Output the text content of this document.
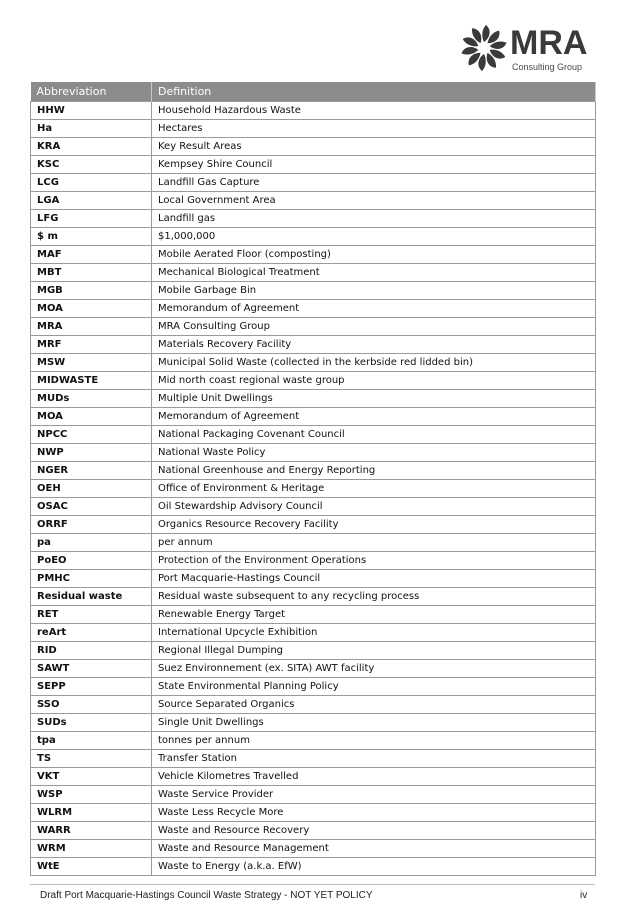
MRA
Consulting Group
Abbreviation	Definition
HHW	Household Hazardous Waste
Ha	Hectares
KRA	Key Result Areas
KSC	Kempsey Shire Council
LCG	Landfill Gas Capture
LGA	Local Government Area
LFG	Landfill gas
$ m	$1,000,000
MAF	Mobile Aerated Floor (composting)
MBT	Mechanical Biological Treatment
MGB	Mobile Garbage Bin
MOA	Memorandum of Agreement
MRA	MRA Consulting Group
MRF	Materials Recovery Facility
MSW	Municipal Solid Waste (collected in the kerbside red lidded bin)
MIDWASTE	Mid north coast regional waste group
MUDs	Multiple Unit Dwellings
MOA	Memorandum of Agreement
NPCC	National Packaging Covenant Council
NWP	National Waste Policy
NGER	National Greenhouse and Energy Reporting
OEH	Office of Environment & Heritage
OSAC	Oil Stewardship Advisory Council
ORRF	Organics Resource Recovery Facility
pa	per annum
PoEO	Protection of the Environment Operations
PMHC	Port Macquarie-Hastings Council
Residual waste	Residual waste subsequent to any recycling process
RET	Renewable Energy Target
reArt	International Upcycle Exhibition
RID	Regional Illegal Dumping
SAWT	Suez Environnement (ex. SITA) AWT facility
SEPP	State Environmental Planning Policy
SSO	Source Separated Organics
SUDs	Single Unit Dwellings
tpa	tonnes per annum
TS	Transfer Station
VKT	Vehicle Kilometres Travelled
WSP	Waste Service Provider
WLRM	Waste Less Recycle More
WARR	Waste and Resource Recovery
WRM	Waste and Resource Management
WtE	Waste to Energy (a.k.a. EfW)
Draft Port Macquarie-Hastings Council Waste Strategy - NOT YET POLICY	iv
